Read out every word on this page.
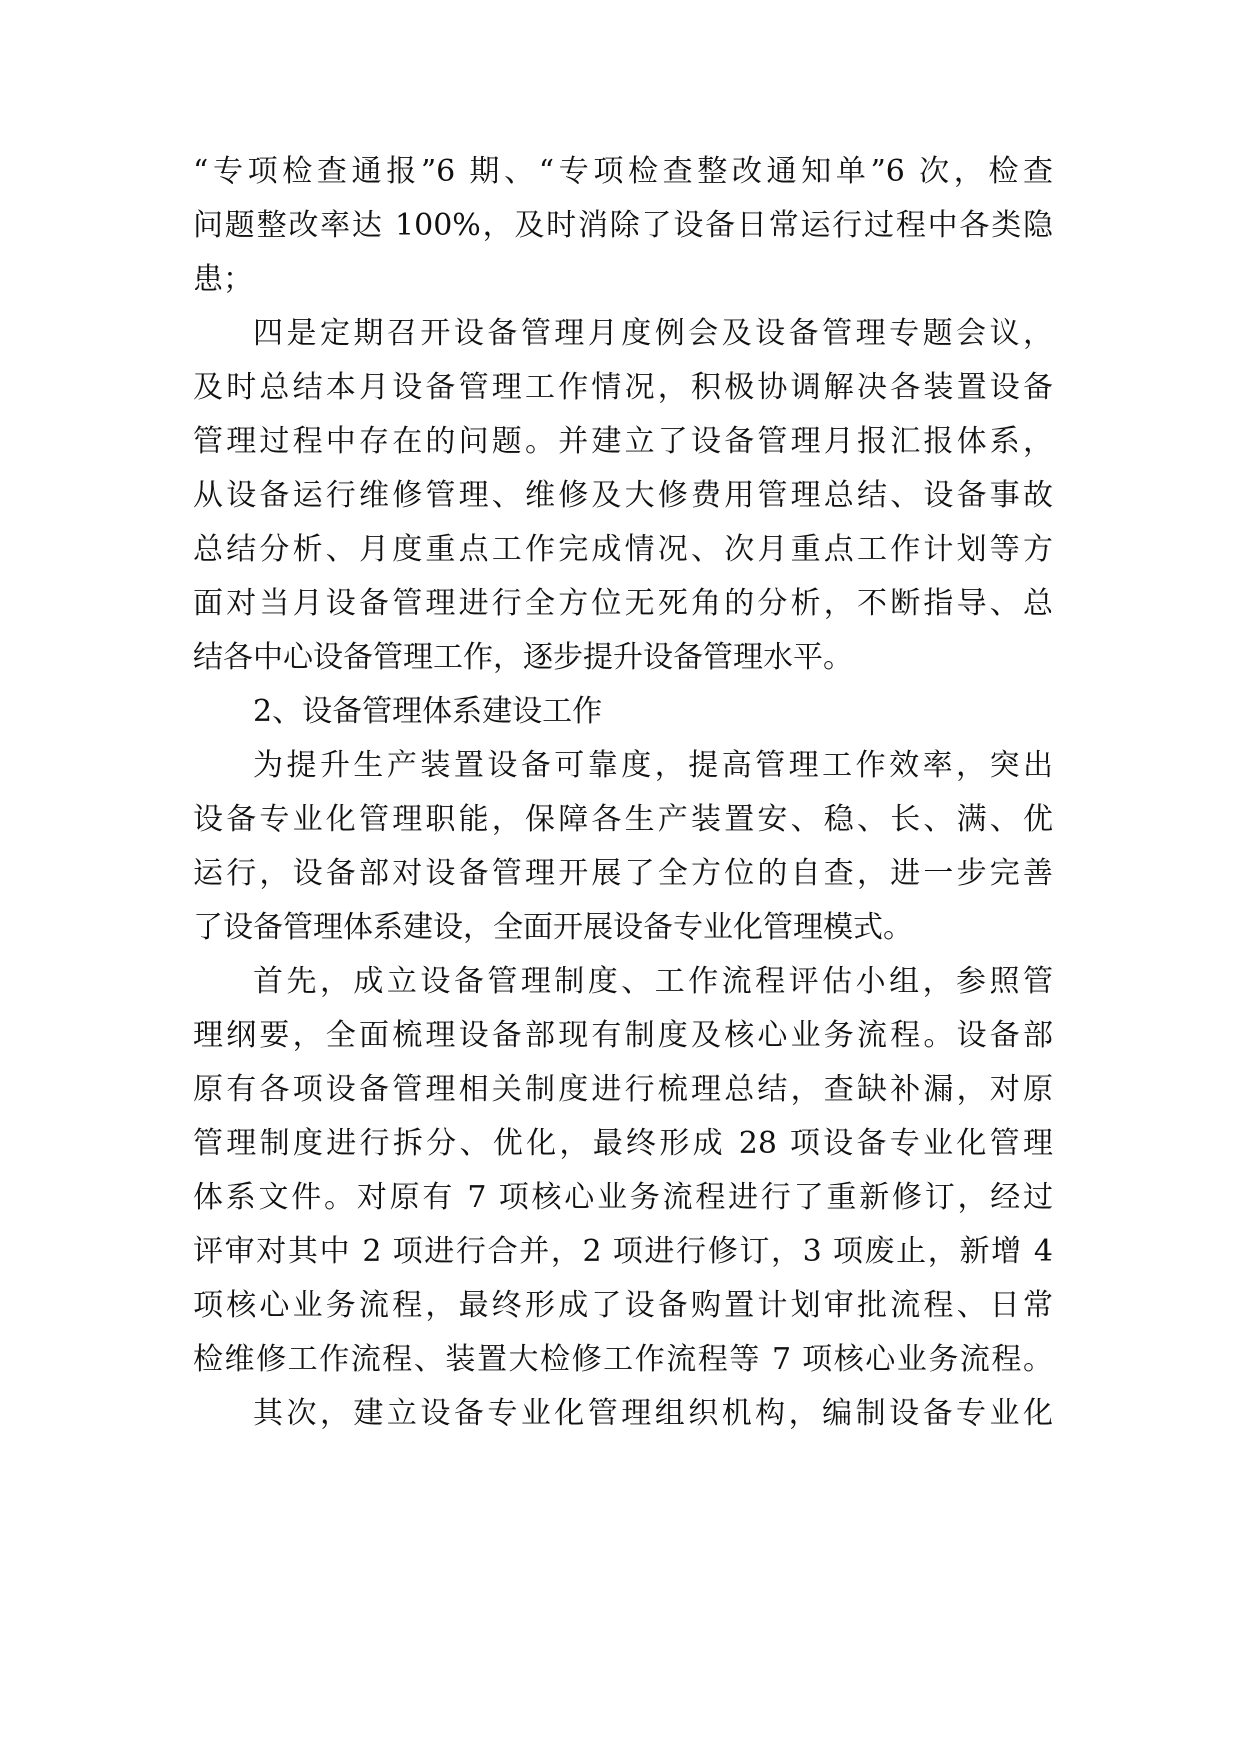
“专项检查通报”6 期、“专项检查整改通知单”6 次，检查

问题整改率达 100%，及时消除了设备日常运行过程中各类隐

患；

四是定期召开设备管理月度例会及设备管理专题会议，

及时总结本月设备管理工作情况，积极协调解决各装置设备

管理过程中存在的问题。并建立了设备管理月报汇报体系，

从设备运行维修管理、维修及大修费用管理总结、设备事故

总结分析、月度重点工作完成情况、次月重点工作计划等方

面对当月设备管理进行全方位无死角的分析，不断指导、总

结各中心设备管理工作，逐步提升设备管理水平。

2、设备管理体系建设工作

为提升生产装置设备可靠度，提高管理工作效率，突出

设备专业化管理职能，保障各生产装置安、稳、长、满、优

运行，设备部对设备管理开展了全方位的自查，进一步完善

了设备管理体系建设，全面开展设备专业化管理模式。

首先，成立设备管理制度、工作流程评估小组，参照管

理纲要，全面梳理设备部现有制度及核心业务流程。设备部

原有各项设备管理相关制度进行梳理总结，查缺补漏，对原

管理制度进行拆分、优化，最终形成 28 项设备专业化管理

体系文件。对原有 7 项核心业务流程进行了重新修订，经过

评审对其中 2 项进行合并，2 项进行修订，3 项废止，新增 4

项核心业务流程，最终形成了设备购置计划审批流程、日常

检维修工作流程、装置大检修工作流程等 7 项核心业务流程。

其次，建立设备专业化管理组织机构，编制设备专业化
